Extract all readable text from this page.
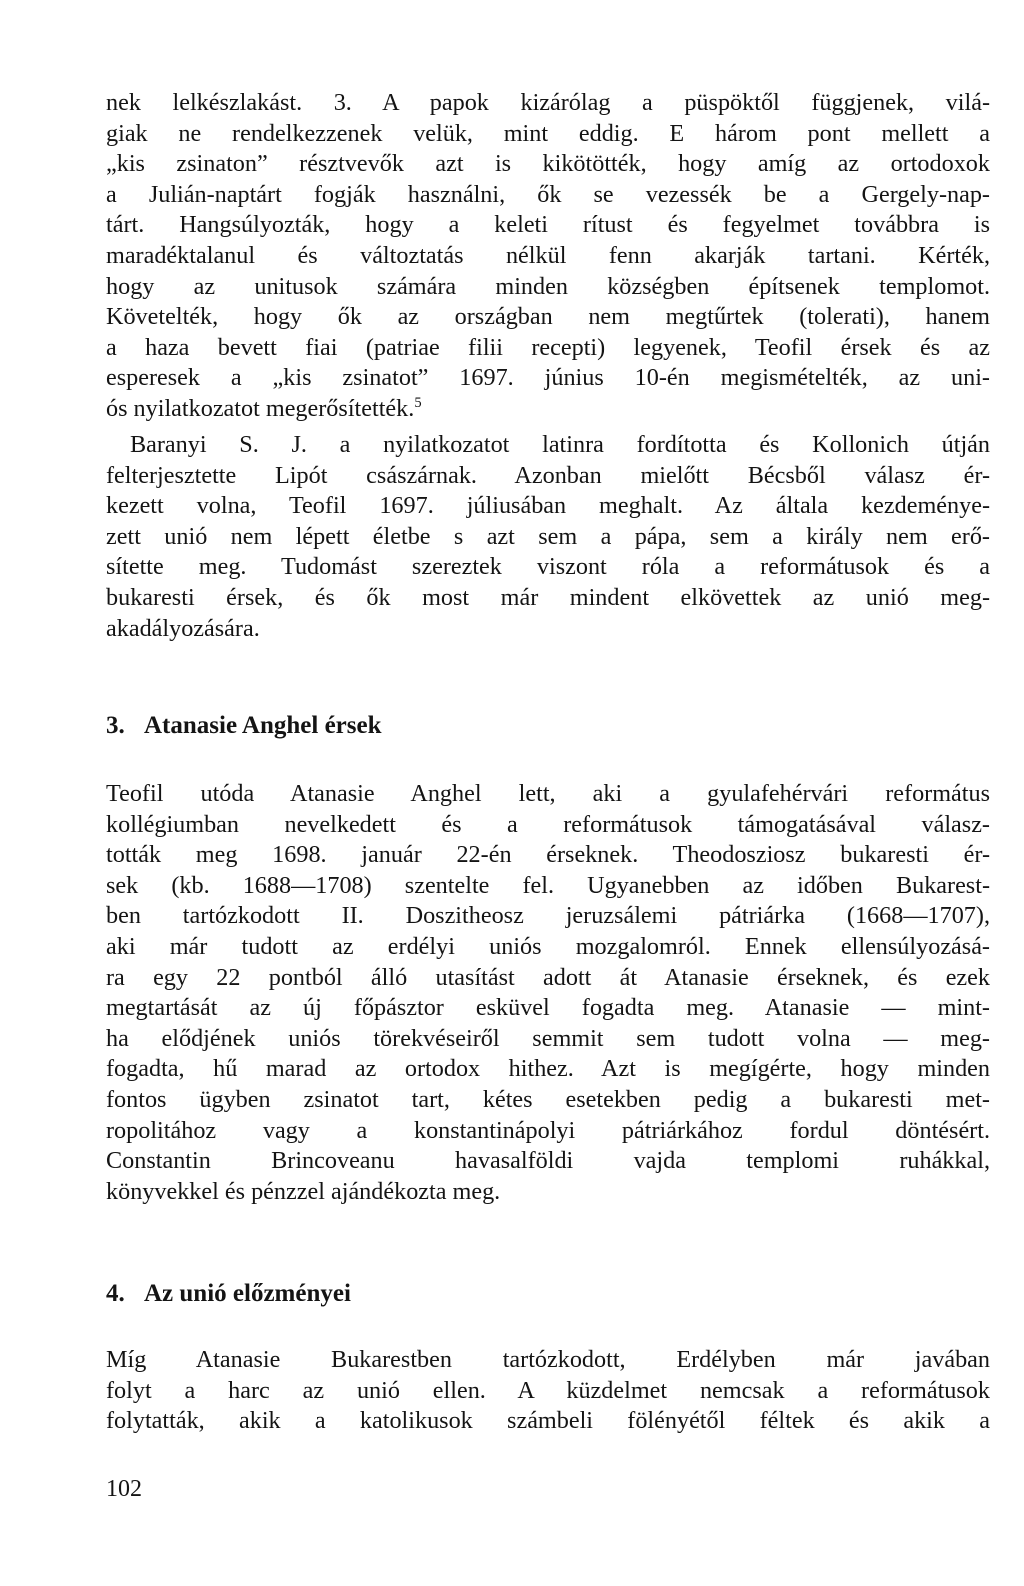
nek lelkészlakást. 3. A papok kizárólag a püspöktől függjenek, vilá-
giak ne rendelkezzenek velük, mint eddig. E három pont mellett a
„kis zsinaton” résztvevők azt is kikötötték, hogy amíg az ortodoxok
a Julián-naptárt fogják használni, ők se vezessék be a Gergely-nap-
tárt. Hangsúlyozták, hogy a keleti rítust és fegyelmet továbbra is
maradéktalanul és változtatás nélkül fenn akarják tartani. Kérték,
hogy az unitusok számára minden községben építsenek templomot.
Követelték, hogy ők az országban nem megtűrtek (tolerati), hanem
a haza bevett fiai (patriae filii recepti) legyenek, Teofil érsek és az
esperesek a „kis zsinatot” 1697. június 10-én megismételték, az uni-
ós nyilatkozatot megerősítették.$^5$
Baranyi S. J. a nyilatkozatot latinra fordította és Kollonich útján
felterjesztette Lipót császárnak. Azonban mielőtt Bécsből válasz ér-
kezett volna, Teofil 1697. júliusában meghalt. Az általa kezdeménye-
zett unió nem lépett életbe s azt sem a pápa, sem a király nem erő-
sítette meg. Tudomást szereztek viszont róla a reformátusok és a
bukaresti érsek, és ők most már mindent elkövettek az unió meg-
akadályozására.
3. Atanasie Anghel érsek
Teofil utóda Atanasie Anghel lett, aki a gyulafehérvári református
kollégiumban nevelkedett és a reformátusok támogatásával válasz-
tották meg 1698. január 22-én érseknek. Theodosziosz bukaresti ér-
sek (kb. 1688—1708) szentelte fel. Ugyanebben az időben Bukarest-
ben tartózkodott II. Doszitheosz jeruzsálemi pátriárka (1668—1707),
aki már tudott az erdélyi uniós mozgalomról. Ennek ellensúlyozásá-
ra egy 22 pontból álló utasítást adott át Atanasie érseknek, és ezek
megtartását az új főpásztor esküvel fogadta meg. Atanasie — mint-
ha elődjének uniós törekvéseiről semmit sem tudott volna — meg-
fogadta, hű marad az ortodox hithez. Azt is megígérte, hogy minden
fontos ügyben zsinatot tart, kétes esetekben pedig a bukaresti met-
ropolitához vagy a konstantinápolyi pátriárkához fordul döntésért.
Constantin Brincoveanu havasalföldi vajda templomi ruhákkal,
könyvekkel és pénzzel ajándékozta meg.
4. Az unió előzményei
Míg Atanasie Bukarestben tartózkodott, Erdélyben már javában
folyt a harc az unió ellen. A küzdelmet nemcsak a reformátusok
folytatták, akik a katolikusok számbeli fölényétől féltek és akik a
102
